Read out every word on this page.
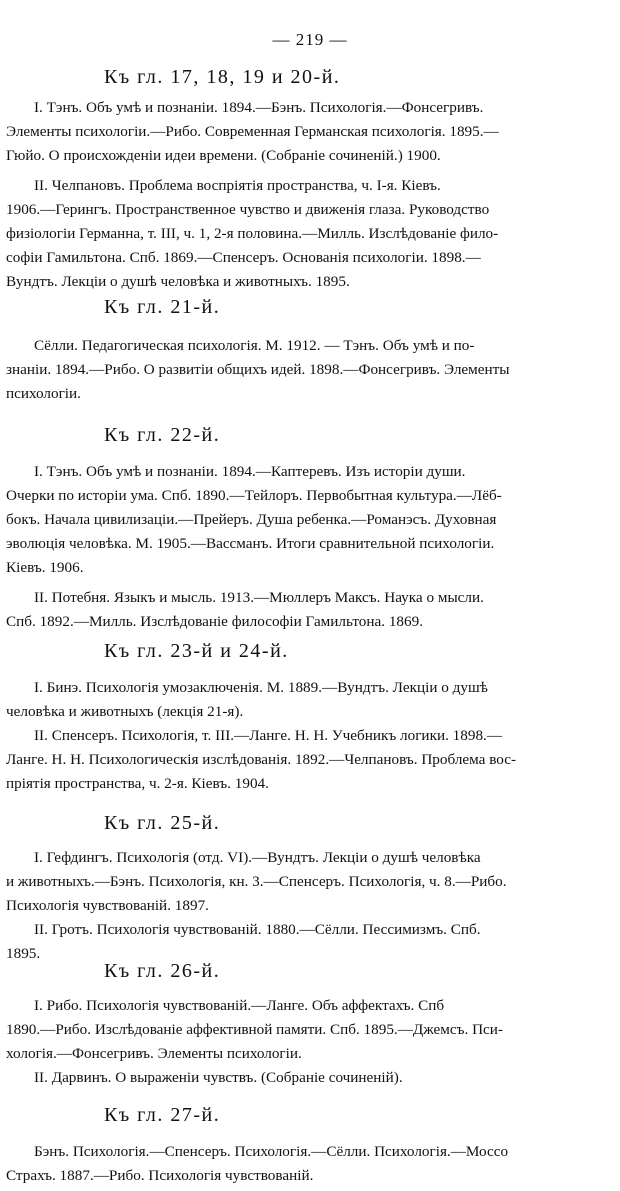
— 219 —
Къ гл. 17, 18, 19 и 20-й.
I. Тэнъ. Объ умѣ и познанiи. 1894.—Бэнъ. Психологiя.—Фонсегривъ.
Элементы психологiи.—Рибо. Современная Германская психологiя. 1895.—
Гюйо. О происхожденiи идеи времени. (Собранiе сочиненiй.) 1900.
II. Челпановъ. Проблема воспрiятiя пространства, ч. I-я. Кiевъ.
1906.—Герингъ. Пространственное чувство и движенiя глаза. Руководство
физiологiи Германна, т. III, ч. 1, 2-я половина.—Милль. Изслѣдованiе фило-
софiи Гамильтона. Спб. 1869.—Спенсеръ. Основанiя психологiи. 1898.—
Вундтъ. Лекцiи о душѣ человѣка и животныхъ. 1895.
Къ гл. 21-й.
Сёлли. Педагогическая психологiя. М. 1912. — Тэнъ. Объ умѣ и по-
знанiи. 1894.—Рибо. О развитiи общихъ идей. 1898.—Фонсегривъ. Элементы
психологiи.
Къ гл. 22-й.
I. Тэнъ. Объ умѣ и познанiи. 1894.—Каптеревъ. Изъ исторiи души.
Очерки по исторiи ума. Спб. 1890.—Тейлоръ. Первобытная культура.—Лёб-
бокъ. Начала цивилизацiи.—Прейеръ. Душа ребенка.—Романэсъ. Духовная
эволюцiя человѣка. М. 1905.—Вассманъ. Итоги сравнительной психологiи.
Кiевъ. 1906.
II. Потебня. Языкъ и мысль. 1913.—Мюллеръ Максъ. Наука о мысли.
Спб. 1892.—Милль. Изслѣдованiе философiи Гамильтона. 1869.
Къ гл. 23-й и 24-й.
I. Бинэ. Психологiя умозаключенiя. М. 1889.—Вундтъ. Лекцiи о душѣ
человѣка и животныхъ (лекцiя 21-я).
II. Спенсеръ. Психологiя, т. III.—Ланге. Н. Н. Учебникъ логики. 1898.—
Ланге. Н. Н. Психологическiя изслѣдованiя. 1892.—Челпановъ. Проблема вос-
прiятiя пространства, ч. 2-я. Кiевъ. 1904.
Къ гл. 25-й.
I. Гефдингъ. Психологiя (отд. VI).—Вундтъ. Лекцiи о душѣ человѣка
и животныхъ.—Бэнъ. Психологiя, кн. 3.—Спенсеръ. Психологiя, ч. 8.—Рибо.
Психологiя чувствованiй. 1897.
II. Гротъ. Психологiя чувствованiй. 1880.—Сёлли. Пессимизмъ. Спб.
1895.
Къ гл. 26-й.
I. Рибо. Психологiя чувствованiй.—Ланге. Объ аффектахъ. Спб
1890.—Рибо. Изслѣдованiе аффективной памяти. Спб. 1895.—Джемсъ. Пси-
хологiя.—Фонсегривъ. Элементы психологiи.
II. Дарвинъ. О выраженiи чувствъ. (Собранiе сочиненiй).
Къ гл. 27-й.
Бэнъ. Психологiя.—Спенсеръ. Психологiя.—Сёлли. Психологiя.—Моссо
Страхъ. 1887.—Рибо. Психологiя чувствованiй.
